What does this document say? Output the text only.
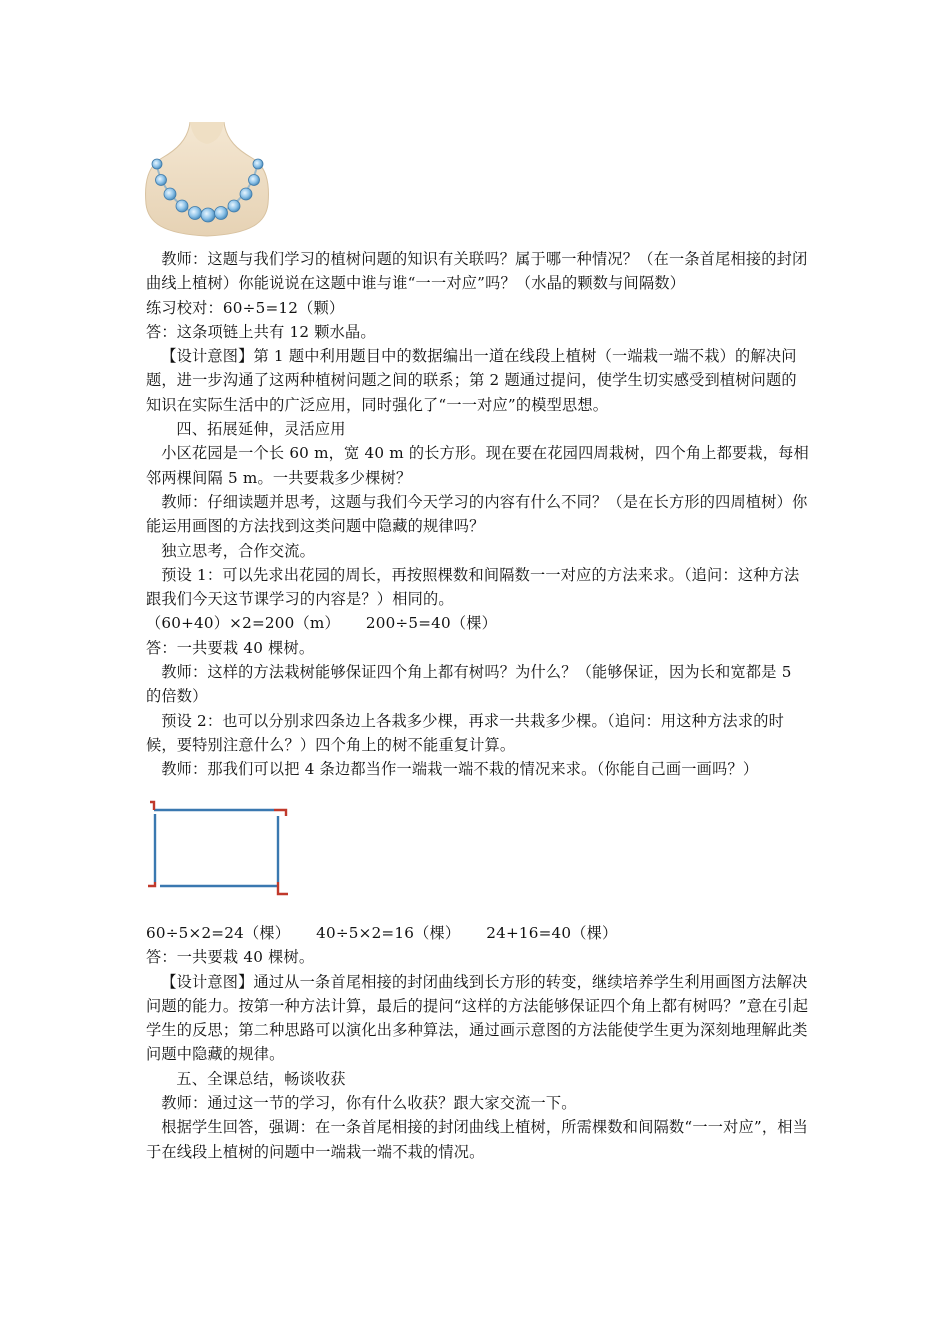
教师：这题与我们学习的植树问题的知识有关联吗？属于哪一种情况？（在一条首尾相接的封闭曲线上植树）你能说说在这题中谁与谁“一一对应”吗？（水晶的颗数与间隔数）

练习校对：60÷5=12（颗）

答：这条项链上共有 12 颗水晶。

【设计意图】第 1 题中利用题目中的数据编出一道在线段上植树（一端栽一端不栽）的解决问题，进一步沟通了这两种植树问题之间的联系；第 2 题通过提问，使学生切实感受到植树问题的知识在实际生活中的广泛应用，同时强化了“一一对应”的模型思想。

四、拓展延伸，灵活应用

小区花园是一个长 60 m，宽 40 m 的长方形。现在要在花园四周栽树，四个角上都要栽，每相邻两棵间隔 5 m。一共要栽多少棵树？

教师：仔细读题并思考，这题与我们今天学习的内容有什么不同？（是在长方形的四周植树）你能运用画图的方法找到这类问题中隐藏的规律吗？

独立思考，合作交流。

预设 1：可以先求出花园的周长，再按照棵数和间隔数一一对应的方法来求。（追问：这种方法跟我们今天这节课学习的内容是？）相同的。

（60+40）×2=200（m） 200÷5=40（棵）

答：一共要栽 40 棵树。

教师：这样的方法栽树能够保证四个角上都有树吗？为什么？（能够保证，因为长和宽都是 5 的倍数）

预设 2：也可以分别求四条边上各栽多少棵，再求一共栽多少棵。（追问：用这种方法求的时候，要特别注意什么？）四个角上的树不能重复计算。

教师：那我们可以把 4 条边都当作一端栽一端不栽的情况来求。（你能自己画一画吗？）

60÷5×2=24（棵） 40÷5×2=16（棵） 24+16=40（棵）

答：一共要栽 40 棵树。

【设计意图】通过从一条首尾相接的封闭曲线到长方形的转变，继续培养学生利用画图方法解决问题的能力。按第一种方法计算，最后的提问“这样的方法能够保证四个角上都有树吗？”意在引起学生的反思；第二种思路可以演化出多种算法，通过画示意图的方法能使学生更为深刻地理解此类问题中隐藏的规律。

五、全课总结，畅谈收获

教师：通过这一节的学习，你有什么收获？跟大家交流一下。

根据学生回答，强调：在一条首尾相接的封闭曲线上植树，所需棵数和间隔数“一一对应”，相当于在线段上植树的问题中一端栽一端不栽的情况。
